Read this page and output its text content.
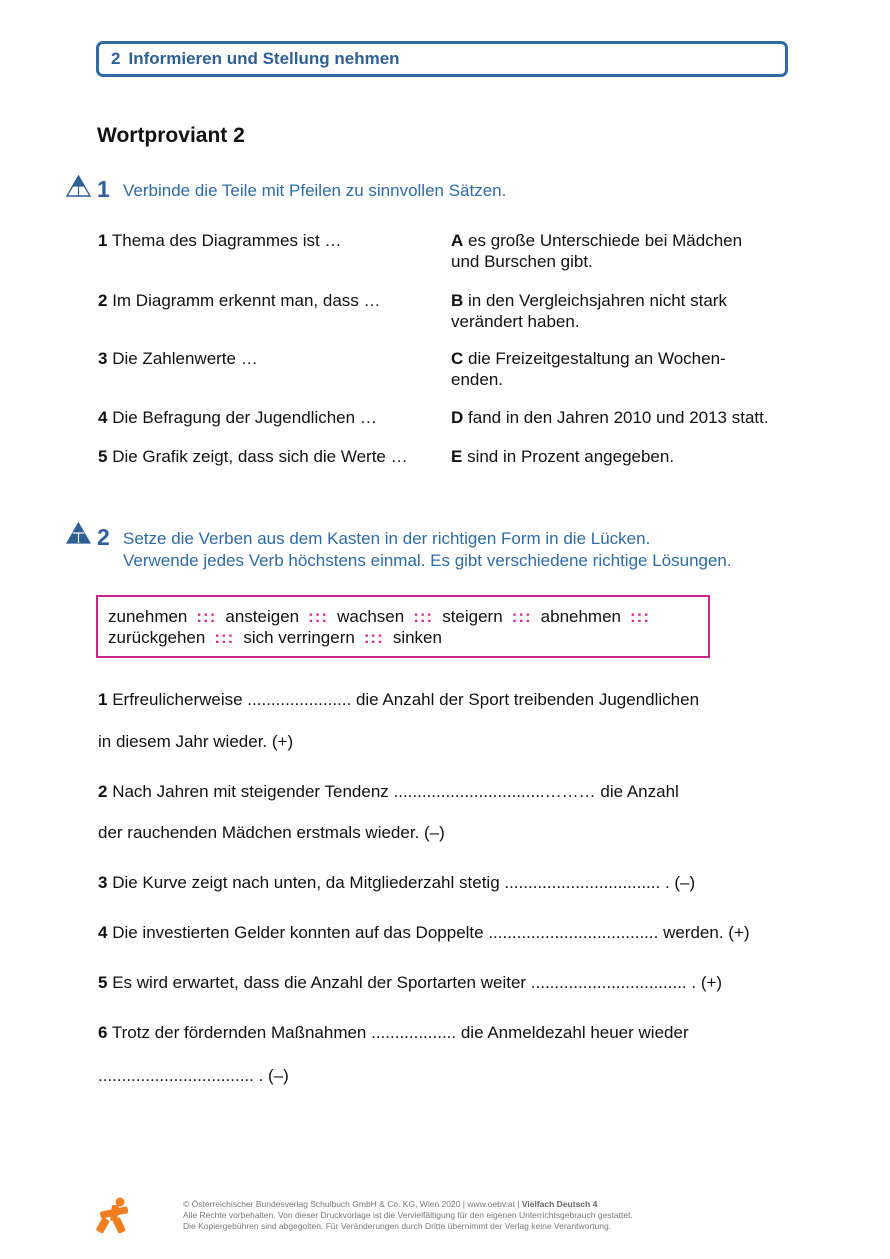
2 Informieren und Stellung nehmen
Wortproviant 2
1 Verbinde die Teile mit Pfeilen zu sinnvollen Sätzen.
1 Thema des Diagrammes ist …
2 Im Diagramm erkennt man, dass …
3 Die Zahlenwerte …
4 Die Befragung der Jugendlichen …
5 Die Grafik zeigt, dass sich die Werte …
A es große Unterschiede bei Mädchen
und Burschen gibt.
B in den Vergleichsjahren nicht stark
verändert haben.
C die Freizeitgestaltung an Wochen-
enden.
D fand in den Jahren 2010 und 2013 statt.
E sind in Prozent angegeben.
2 Setze die Verben aus dem Kasten in der richtigen Form in die Lücken.
Verwende jedes Verb höchstens einmal. Es gibt verschiedene richtige Lösungen.
zunehmen ::: ansteigen ::: wachsen ::: steigern ::: abnehmen :::
zurückgehen ::: sich verringern ::: sinken
1 Erfreulicherweise ...................... die Anzahl der Sport treibenden Jugendlichen
in diesem Jahr wieder. (+)
2 Nach Jahren mit steigender Tendenz ................................……… die Anzahl
der rauchenden Mädchen erstmals wieder. (–)
3 Die Kurve zeigt nach unten, da Mitgliederzahl stetig ................................. . (–)
4 Die investierten Gelder konnten auf das Doppelte .................................... werden. (+)
5 Es wird erwartet, dass die Anzahl der Sportarten weiter ................................. . (+)
6 Trotz der fördernden Maßnahmen .................. die Anmeldezahl heuer wieder
................................. . (–)
© Österreichischer Bundesverlag Schulbuch GmbH & Co. KG, Wien 2020 | www.oebv.at | Vielfach Deutsch 4
Alle Rechte vorbehalten. Von dieser Druckvorlage ist die Vervielfältigung für den eigenen Unterrichtsgebrauch gestattet.
Die Kopiergebühren sind abgegolten. Für Veränderungen durch Dritte übernimmt der Verlag keine Verantwortung.
